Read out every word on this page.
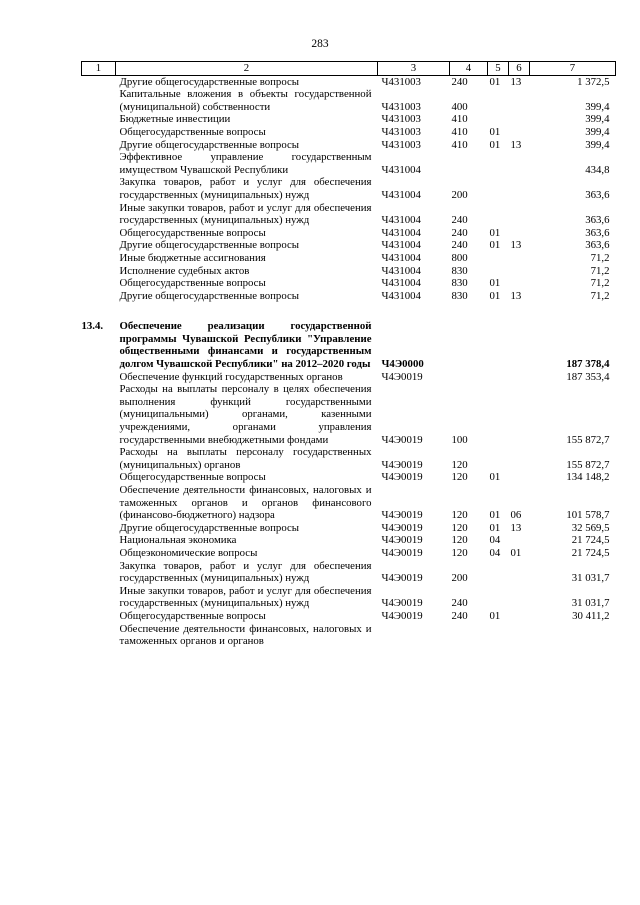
283
1	2	3	4	5	6	7
	Другие общегосударственные вопросы	Ч431003	240	01	13	1 372,5
	Капитальные вложения в объекты государственной (муниципальной) собственности	Ч431003	400			399,4
	Бюджетные инвестиции	Ч431003	410			399,4
	Общегосударственные вопросы	Ч431003	410	01		399,4
	Другие общегосударственные вопросы	Ч431003	410	01	13	399,4
	Эффективное управление государственным имуществом Чувашской Республики	Ч431004				434,8
	Закупка товаров, работ и услуг для обеспечения государственных (муниципальных) нужд	Ч431004	200			363,6
	Иные закупки товаров, работ и услуг для обеспечения государственных (муниципальных) нужд	Ч431004	240			363,6
	Общегосударственные вопросы	Ч431004	240	01		363,6
	Другие общегосударственные вопросы	Ч431004	240	01	13	363,6
	Иные бюджетные ассигнования	Ч431004	800			71,2
	Исполнение судебных актов	Ч431004	830			71,2
	Общегосударственные вопросы	Ч431004	830	01		71,2
	Другие общегосударственные вопросы	Ч431004	830	01	13	71,2

13.4.	Обеспечение реализации государственной программы Чувашской Республики "Управление общественными финансами и государственным долгом Чувашской Республики" на 2012–2020 годы	Ч4Э0000				187 378,4
	Обеспечение функций государственных органов	Ч4Э0019				187 353,4
	Расходы на выплаты персоналу в целях обеспечения выполнения функций государственными (муниципальными) органами, казенными учреждениями, органами управления государственными внебюджетными фондами	Ч4Э0019	100			155 872,7
	Расходы на выплаты персоналу государственных (муниципальных) органов	Ч4Э0019	120			155 872,7
	Общегосударственные вопросы	Ч4Э0019	120	01		134 148,2
	Обеспечение деятельности финансовых, налоговых и таможенных органов и органов финансового (финансово-бюджетного) надзора	Ч4Э0019	120	01	06	101 578,7
	Другие общегосударственные вопросы	Ч4Э0019	120	01	13	32 569,5
	Национальная экономика	Ч4Э0019	120	04		21 724,5
	Общеэкономические вопросы	Ч4Э0019	120	04	01	21 724,5
	Закупка товаров, работ и услуг для обеспечения государственных (муниципальных) нужд	Ч4Э0019	200			31 031,7
	Иные закупки товаров, работ и услуг для обеспечения государственных (муниципальных) нужд	Ч4Э0019	240			31 031,7
	Общегосударственные вопросы	Ч4Э0019	240	01		30 411,2
	Обеспечение деятельности финансовых, налоговых и таможенных органов и органов					
